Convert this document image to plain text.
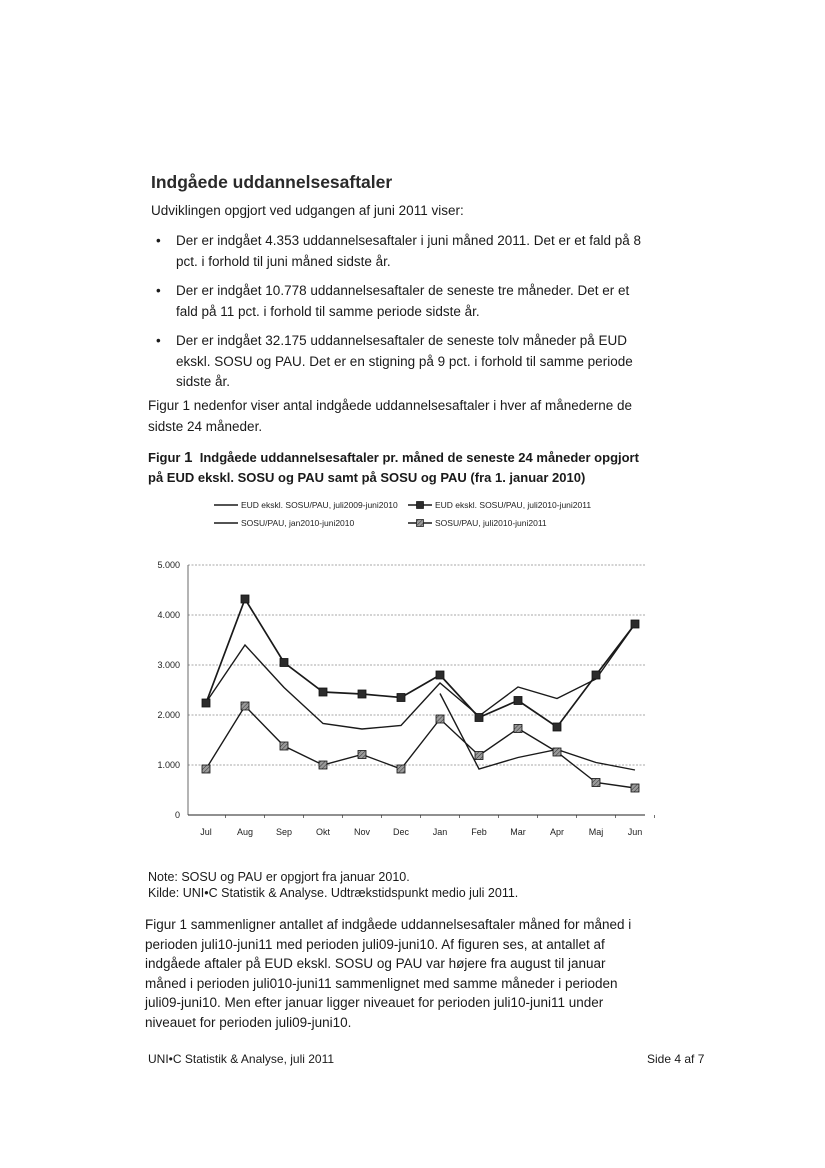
Indgåede uddannelsesaftaler

Udviklingen opgjort ved udgangen af juni 2011 viser:

• Der er indgået 4.353 uddannelsesaftaler i juni måned 2011. Det er et fald på 8 pct. i forhold til juni måned sidste år.
• Der er indgået 10.778 uddannelsesaftaler de seneste tre måneder. Det er et fald på 11 pct. i forhold til samme periode sidste år.
• Der er indgået 32.175 uddannelsesaftaler de seneste tolv måneder på EUD ekskl. SOSU og PAU. Det er en stigning på 9 pct. i forhold til samme periode sidste år.

Figur 1 nedenfor viser antal indgåede uddannelsesaftaler i hver af månederne de sidste 24 måneder.

Figur 1 Indgåede uddannelsesaftaler pr. måned de seneste 24 måneder opgjort på EUD ekskl. SOSU og PAU samt på SOSU og PAU (fra 1. januar 2010)

0
1.000
2.000
3.000
4.000
5.000
Jul	Aug	Sep	Okt	Nov	Dec	Jan	Feb	Mar	Apr	Maj	Jun
EUD ekskl. SOSU/PAU, juli2009-juni2010	EUD ekskl. SOSU/PAU, juli2010-juni2011
SOSU/PAU, jan2010-juni2010	SOSU/PAU, juli2010-juni2011

Note: SOSU og PAU er opgjort fra januar 2010.
Kilde: UNI•C Statistik & Analyse. Udtrækstidspunkt medio juli 2011.

Figur 1 sammenligner antallet af indgåede uddannelsesaftaler måned for måned i perioden juli10-juni11 med perioden juli09-juni10. Af figuren ses, at antallet af indgåede aftaler på EUD ekskl. SOSU og PAU var højere fra august til januar måned i perioden juli010-juni11 sammenlignet med samme måneder i perioden juli09-juni10. Men efter januar ligger niveauet for perioden juli10-juni11 under niveauet for perioden juli09-juni10.

UNI•C Statistik & Analyse, juli 2011	Side 4 af 7
